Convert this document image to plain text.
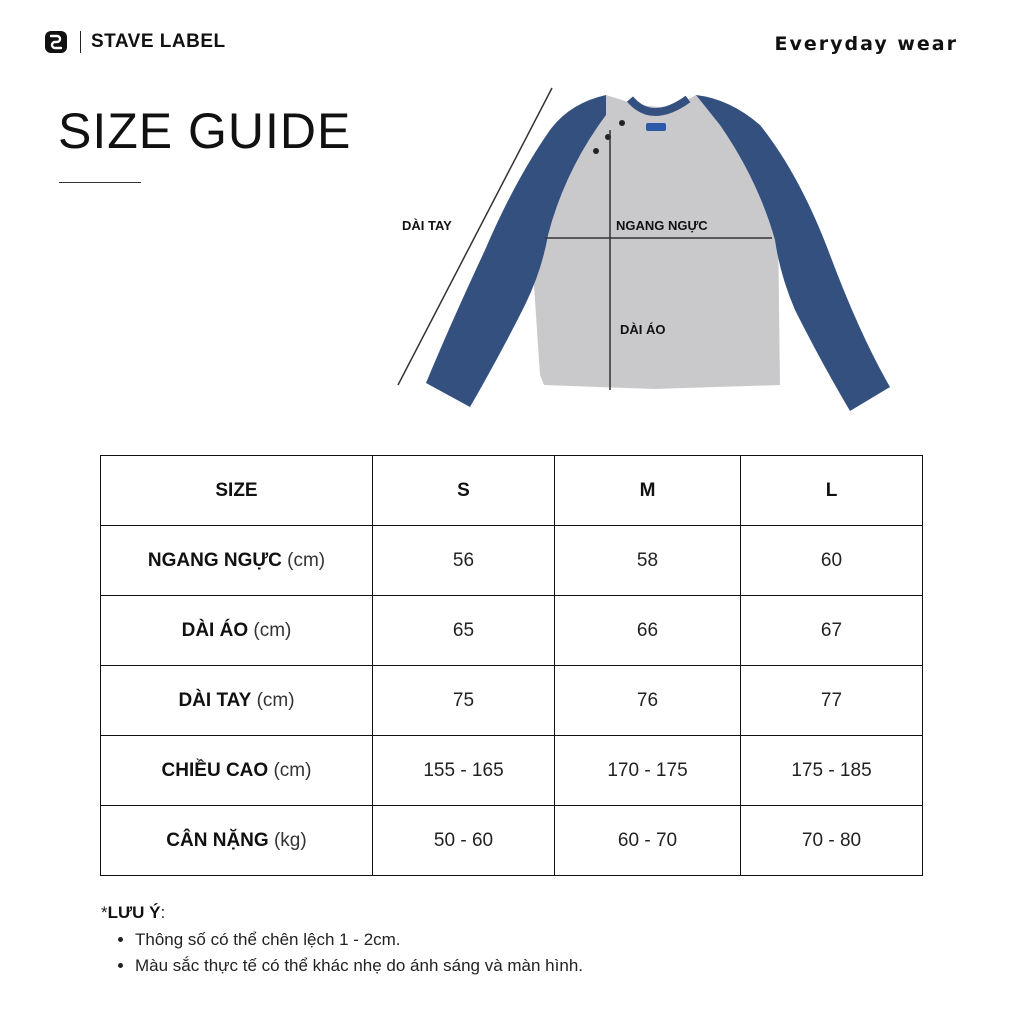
STAVE LABEL	Everyday wear
SIZE GUIDE
DÀI TAY	NGANG NGỰC
DÀI ÁO
SIZE	S	M	L
NGANG NGỰC (cm)	56	58	60
DÀI ÁO (cm)	65	66	67
DÀI TAY (cm)	75	76	77
CHIỀU CAO (cm)	155 - 165	170 - 175	175 - 185
CÂN NẶNG (kg)	50 - 60	60 - 70	70 - 80
*LƯU Ý:
• Thông số có thể chên lệch 1 - 2cm.
• Màu sắc thực tế có thể khác nhẹ do ánh sáng và màn hình.
